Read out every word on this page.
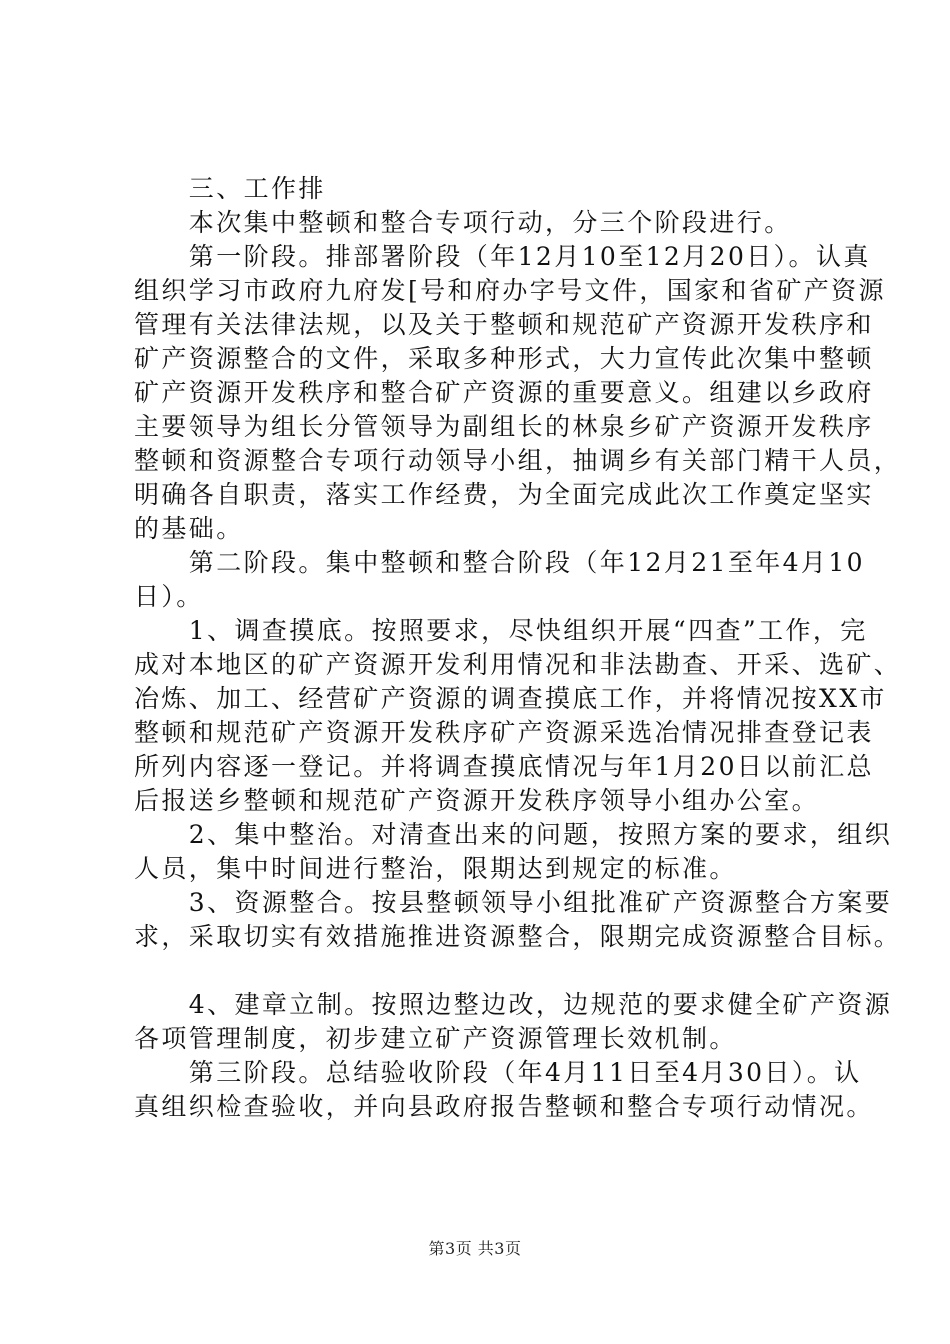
　　三、工作排
　　本次集中整顿和整合专项行动，分三个阶段进行。
　　第一阶段。排部署阶段（年12月10至12月20日）。认真
组织学习市政府九府发[号和府办字号文件，国家和省矿产资源
管理有关法律法规，以及关于整顿和规范矿产资源开发秩序和
矿产资源整合的文件，采取多种形式，大力宣传此次集中整顿
矿产资源开发秩序和整合矿产资源的重要意义。组建以乡政府
主要领导为组长分管领导为副组长的林泉乡矿产资源开发秩序
整顿和资源整合专项行动领导小组，抽调乡有关部门精干人员，
明确各自职责，落实工作经费，为全面完成此次工作奠定坚实
的基础。
　　第二阶段。集中整顿和整合阶段（年12月21至年4月10
日）。
　　1、调查摸底。按照要求，尽快组织开展“四查”工作，完
成对本地区的矿产资源开发利用情况和非法勘查、开采、选矿、
冶炼、加工、经营矿产资源的调查摸底工作，并将情况按XX市
整顿和规范矿产资源开发秩序矿产资源采选冶情况排查登记表
所列内容逐一登记。并将调查摸底情况与年1月20日以前汇总
后报送乡整顿和规范矿产资源开发秩序领导小组办公室。
　　2、集中整治。对清查出来的问题，按照方案的要求，组织
人员，集中时间进行整治，限期达到规定的标准。
　　3、资源整合。按县整顿领导小组批准矿产资源整合方案要
求，采取切实有效措施推进资源整合，限期完成资源整合目标。
　　4、建章立制。按照边整边改，边规范的要求健全矿产资源
各项管理制度，初步建立矿产资源管理长效机制。
　　第三阶段。总结验收阶段（年4月11日至4月30日）。认
真组织检查验收，并向县政府报告整顿和整合专项行动情况。
第3页 共3页
